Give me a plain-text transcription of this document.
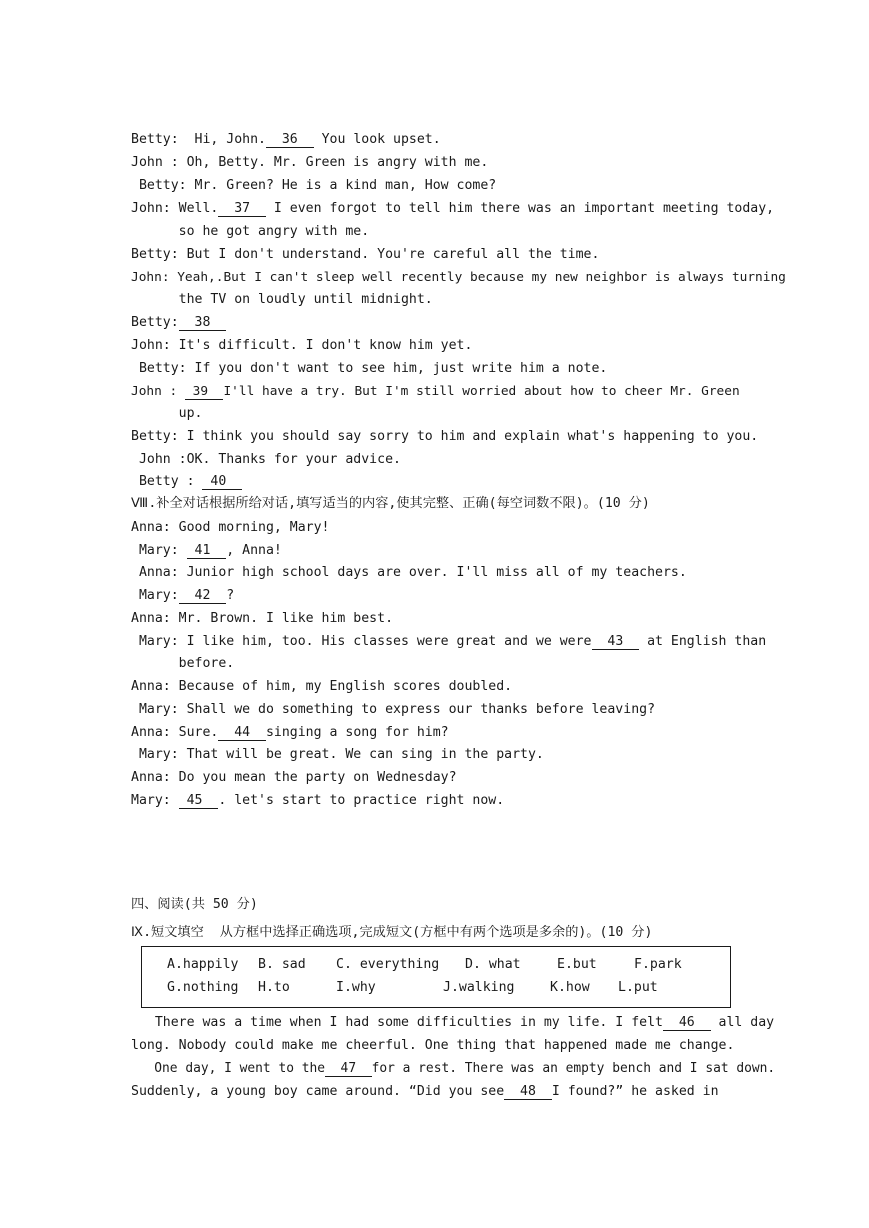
Betty:  Hi, John.  36   You look upset.
John : Oh, Betty. Mr. Green is angry with me.
Betty: Mr. Green? He is a kind man, How come?
John: Well.  37   I even forgot to tell him there was an important meeting today,
so he got angry with me.
Betty: But I don't understand. You're careful all the time.
John: Yeah,.But I can't sleep well recently because my new neighbor is always turning
the TV on loudly until midnight.
Betty:  38
John: It's difficult. I don't know him yet.
Betty: If you don't want to see him, just write him a note.
John :  39  I'll have a try. But I'm still worried about how to cheer Mr. Green
up.
Betty: I think you should say sorry to him and explain what's happening to you.
John :OK. Thanks for your advice.
Betty :  40
Ⅷ.补全对话根据所给对话,填写适当的内容,使其完整、正确(每空词数不限)。(10 分)
Anna: Good morning, Mary!
Mary:  41  , Anna!
Anna: Junior high school days are over. I'll miss all of my teachers.
Mary:  42  ?
Anna: Mr. Brown. I like him best.
Mary: I like him, too. His classes were great and we were  43   at English than
before.
Anna: Because of him, my English scores doubled.
Mary: Shall we do something to express our thanks before leaving?
Anna: Sure.  44  singing a song for him?
Mary: That will be great. We can sing in the party.
Anna: Do you mean the party on Wednesday?
Mary:  45  . let's start to practice right now.
四、阅读(共 50 分)
Ⅸ.短文填空  从方框中选择正确选项,完成短文(方框中有两个选项是多余的)。(10 分)
A.happily B. sad C. everything D. what	E.but	F.park
G.nothing H.to	I.why	J.walking	K.how L.put
There was a time when I had some difficulties in my life. I felt  46   all day
long. Nobody could make me cheerful. One thing that happened made me change.
One day, I went to the  47  for a rest. There was an empty bench and I sat down.
Suddenly, a young boy came around. “Did you see  48  I found?” he asked in
